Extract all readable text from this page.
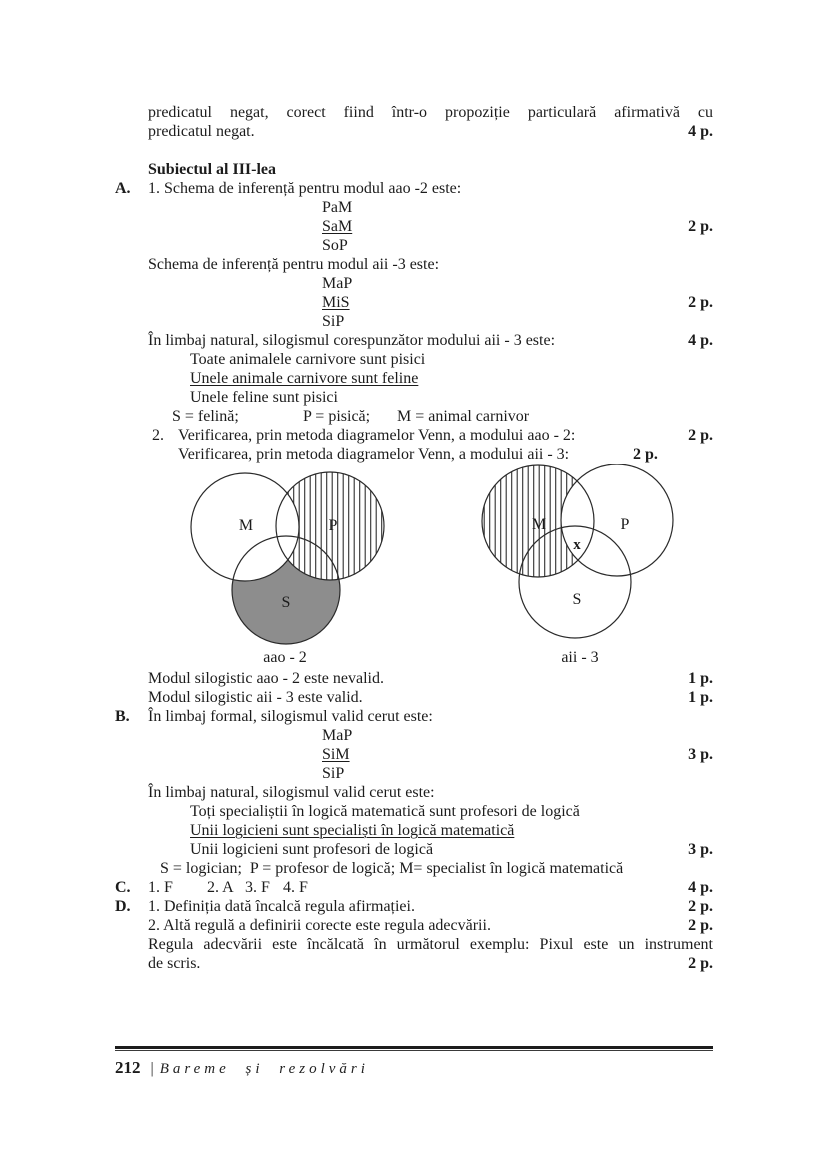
predicatul negat, corect fiind într-o propoziție particulară afirmativă cu
predicatul negat.	4 p.
Subiectul al III-lea
A. 1. Schema de inferență pentru modul aao -2 este:
PaM
SaM	2 p.
SoP
Schema de inferență pentru modul aii -3 este:
MaP
MiS	2 p.
SiP
În limbaj natural, silogismul corespunzător modului aii - 3 este:	4 p.
Toate animalele carnivore sunt pisici
Unele animale carnivore sunt feline
Unele feline sunt pisici
S = felină;	P = pisică; M = animal carnivor
2. Verificarea, prin metoda diagramelor Venn, a modului aao - 2:	2 p.
Verificarea, prin metoda diagramelor Venn, a modului aii - 3:	2 p.
M	P
S
aao - 2
M	P
S
x
aii - 3
Modul silogistic aao - 2 este nevalid.	1 p.
Modul silogistic aii - 3 este valid.	1 p.
B. În limbaj formal, silogismul valid cerut este:
MaP
SiM	3 p.
SiP
În limbaj natural, silogismul valid cerut este:
Toți specialiștii în logică matematică sunt profesori de logică
Unii logicieni sunt specialiști în logică matematică
Unii logicieni sunt profesori de logică	3 p.
S = logician;  P = profesor de logică; M= specialist în logică matematică
C. 1. F 2. A 3. F 4. F	4 p.
D. 1. Definiția dată încalcă regula afirmației.	2 p.
2. Altă regulă a definirii corecte este regula adecvării.	2 p.
Regula adecvării este încălcată în următorul exemplu: Pixul este un instrument
de scris.	2 p.
212 | Bareme și rezolvări
